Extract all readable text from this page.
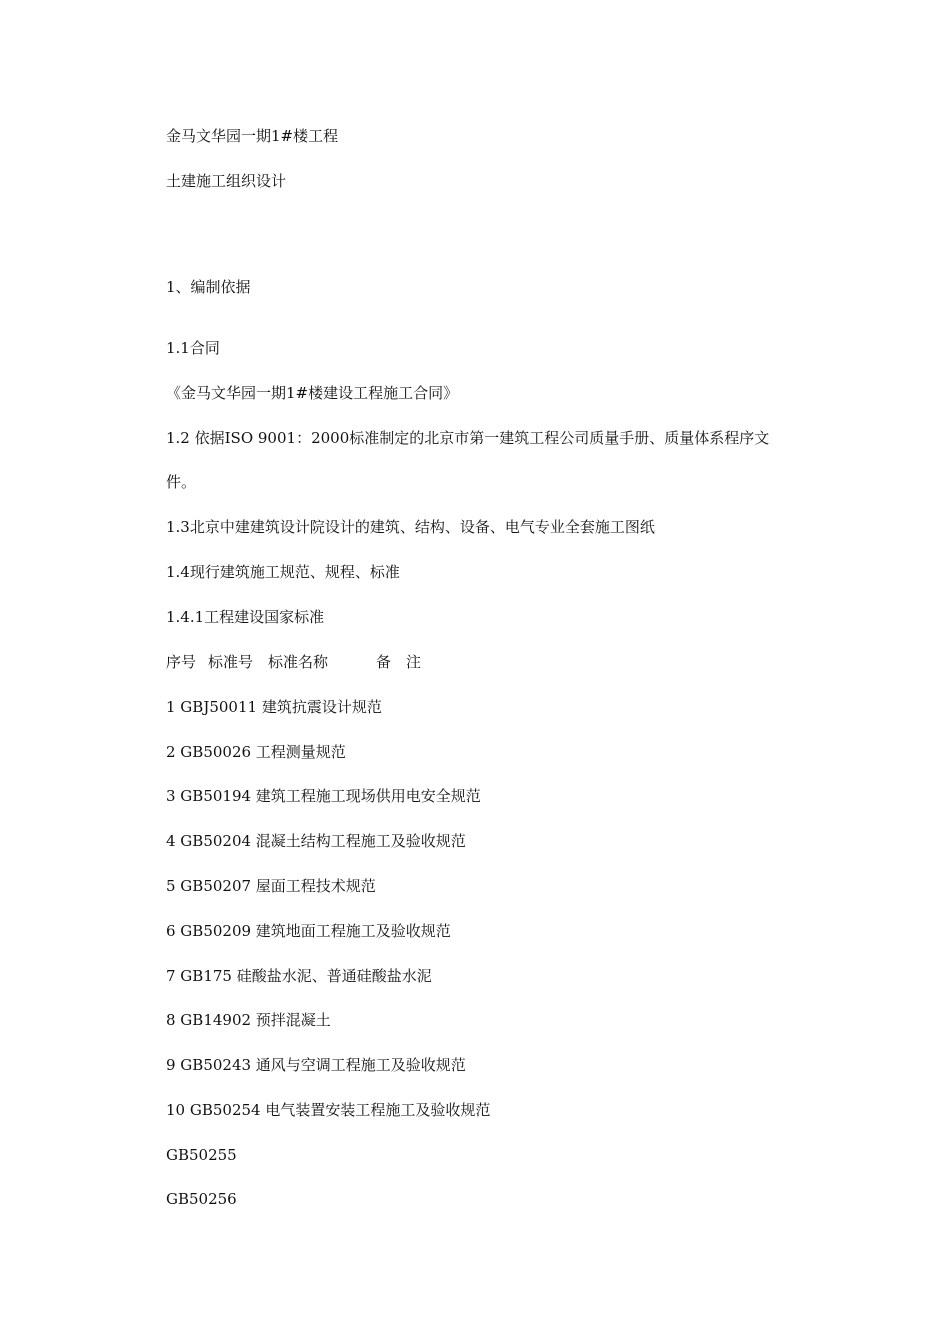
金马文华园一期1#楼工程
土建施工组织设计
1、编制依据
1.1合同
《金马文华园一期1#楼建设工程施工合同》
1.2 依据ISO 9001：2000标准制定的北京市第一建筑工程公司质量手册、质量体系程序文
件。
1.3北京中建建筑设计院设计的建筑、结构、设备、电气专业全套施工图纸
1.4现行建筑施工规范、规程、标准
1.4.1工程建设国家标准
序号 标准号 标准名称	备　注
1 GBJ50011 建筑抗震设计规范
2 GB50026 工程测量规范
3 GB50194 建筑工程施工现场供用电安全规范
4 GB50204 混凝土结构工程施工及验收规范
5 GB50207 屋面工程技术规范
6 GB50209 建筑地面工程施工及验收规范
7 GB175 硅酸盐水泥、普通硅酸盐水泥
8 GB14902 预拌混凝土
9 GB50243 通风与空调工程施工及验收规范
10 GB50254 电气装置安装工程施工及验收规范
GB50255
GB50256
